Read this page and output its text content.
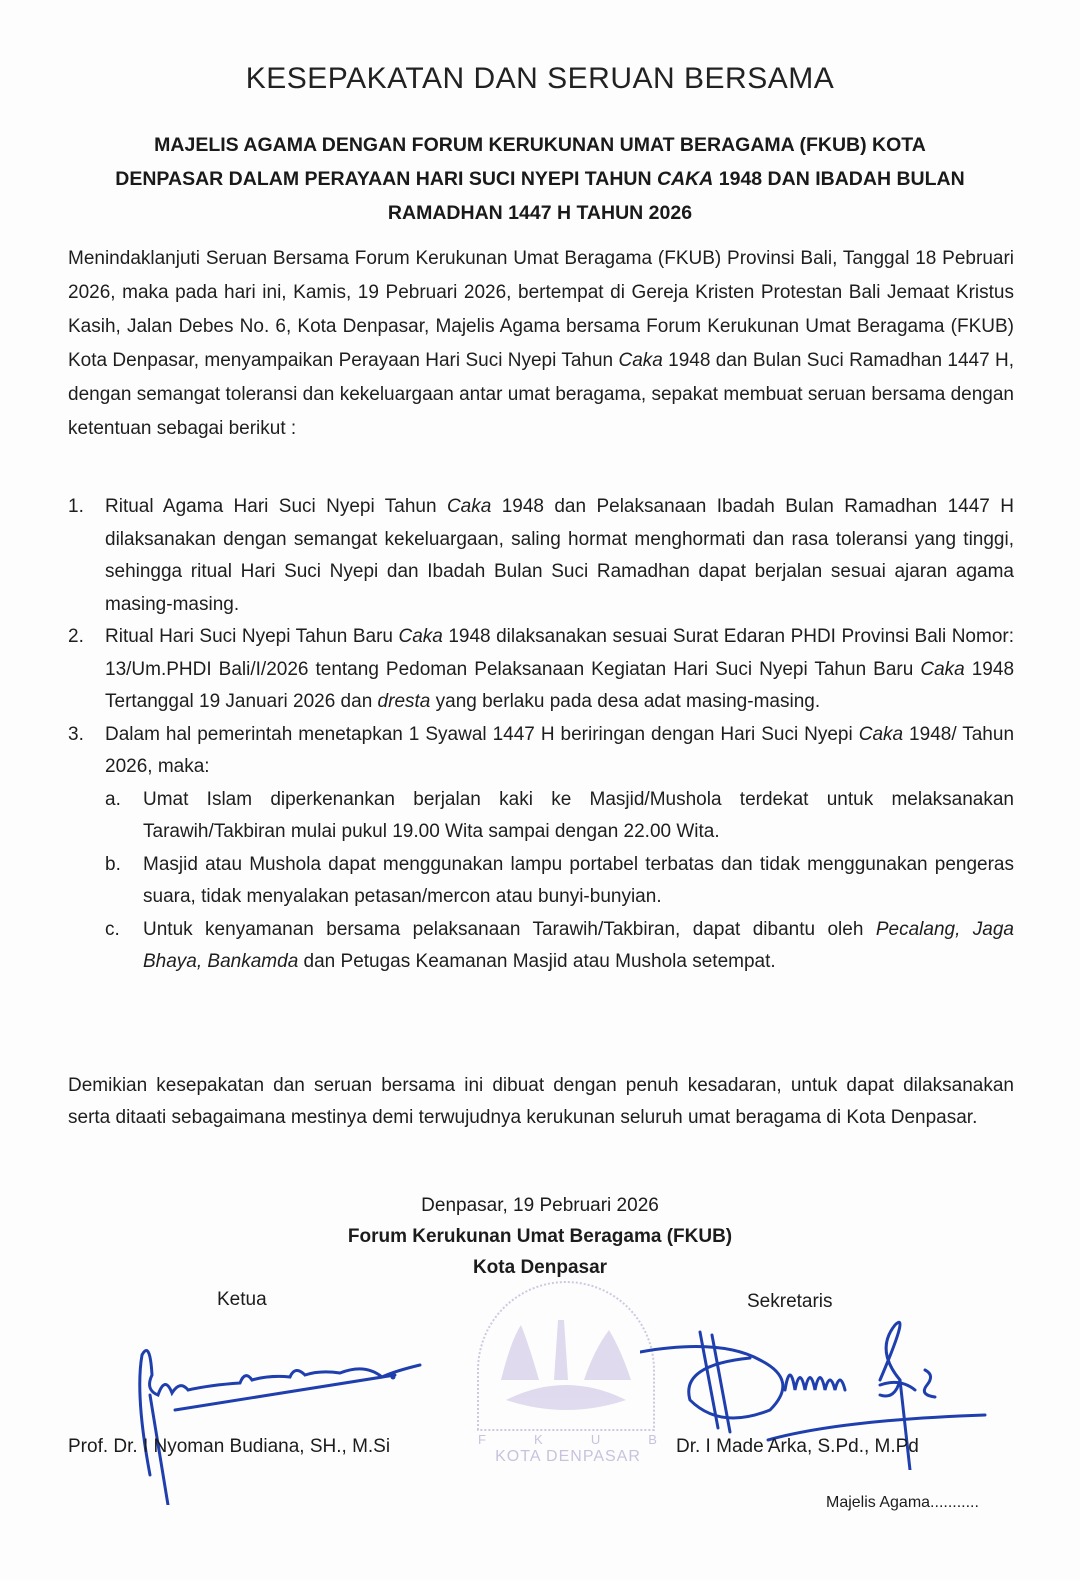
KESEPAKATAN DAN SERUAN BERSAMA
MAJELIS AGAMA DENGAN FORUM KERUKUNAN UMAT BERAGAMA (FKUB) KOTA
DENPASAR DALAM PERAYAAN HARI SUCI NYEPI TAHUN CAKA 1948 DAN IBADAH BULAN
RAMADHAN 1447 H TAHUN 2026
Menindaklanjuti Seruan Bersama Forum Kerukunan Umat Beragama (FKUB) Provinsi Bali, Tanggal 18 Pebruari 2026, maka pada hari ini, Kamis, 19 Pebruari 2026, bertempat di Gereja Kristen Protestan Bali Jemaat Kristus Kasih, Jalan Debes No. 6, Kota Denpasar, Majelis Agama bersama Forum Kerukunan Umat Beragama (FKUB) Kota Denpasar, menyampaikan Perayaan Hari Suci Nyepi Tahun Caka 1948 dan Bulan Suci Ramadhan 1447 H, dengan semangat toleransi dan kekeluargaan antar umat beragama, sepakat membuat seruan bersama dengan ketentuan sebagai berikut :
1. Ritual Agama Hari Suci Nyepi Tahun Caka 1948 dan Pelaksanaan Ibadah Bulan Ramadhan 1447 H dilaksanakan dengan semangat kekeluargaan, saling hormat menghormati dan rasa toleransi yang tinggi, sehingga ritual Hari Suci Nyepi dan Ibadah Bulan Suci Ramadhan dapat berjalan sesuai ajaran agama masing-masing.
2. Ritual Hari Suci Nyepi Tahun Baru Caka 1948 dilaksanakan sesuai Surat Edaran PHDI Provinsi Bali Nomor: 13/Um.PHDI Bali/I/2026 tentang Pedoman Pelaksanaan Kegiatan Hari Suci Nyepi Tahun Baru Caka 1948 Tertanggal 19 Januari 2026 dan dresta yang berlaku pada desa adat masing-masing.
3. Dalam hal pemerintah menetapkan 1 Syawal 1447 H beriringan dengan Hari Suci Nyepi Caka 1948/ Tahun 2026, maka:
a. Umat Islam diperkenankan berjalan kaki ke Masjid/Mushola terdekat untuk melaksanakan Tarawih/Takbiran mulai pukul 19.00 Wita sampai dengan 22.00 Wita.
b. Masjid atau Mushola dapat menggunakan lampu portabel terbatas dan tidak menggunakan pengeras suara, tidak menyalakan petasan/mercon atau bunyi-bunyian.
c. Untuk kenyamanan bersama pelaksanaan Tarawih/Takbiran, dapat dibantu oleh Pecalang, Jaga Bhaya, Bankamda dan Petugas Keamanan Masjid atau Mushola setempat.
Demikian kesepakatan dan seruan bersama ini dibuat dengan penuh kesadaran, untuk dapat dilaksanakan serta ditaati sebagaimana mestinya demi terwujudnya kerukunan seluruh umat beragama di Kota Denpasar.
Denpasar, 19 Pebruari 2026
Forum Kerukunan Umat Beragama (FKUB)
Kota Denpasar
Ketua	Sekretaris
F	K	U	B
KOTA DENPASAR
Prof. Dr. I Nyoman Budiana, SH., M.Si	Dr. I Made Arka, S.Pd., M.Pd
Majelis Agama...........
